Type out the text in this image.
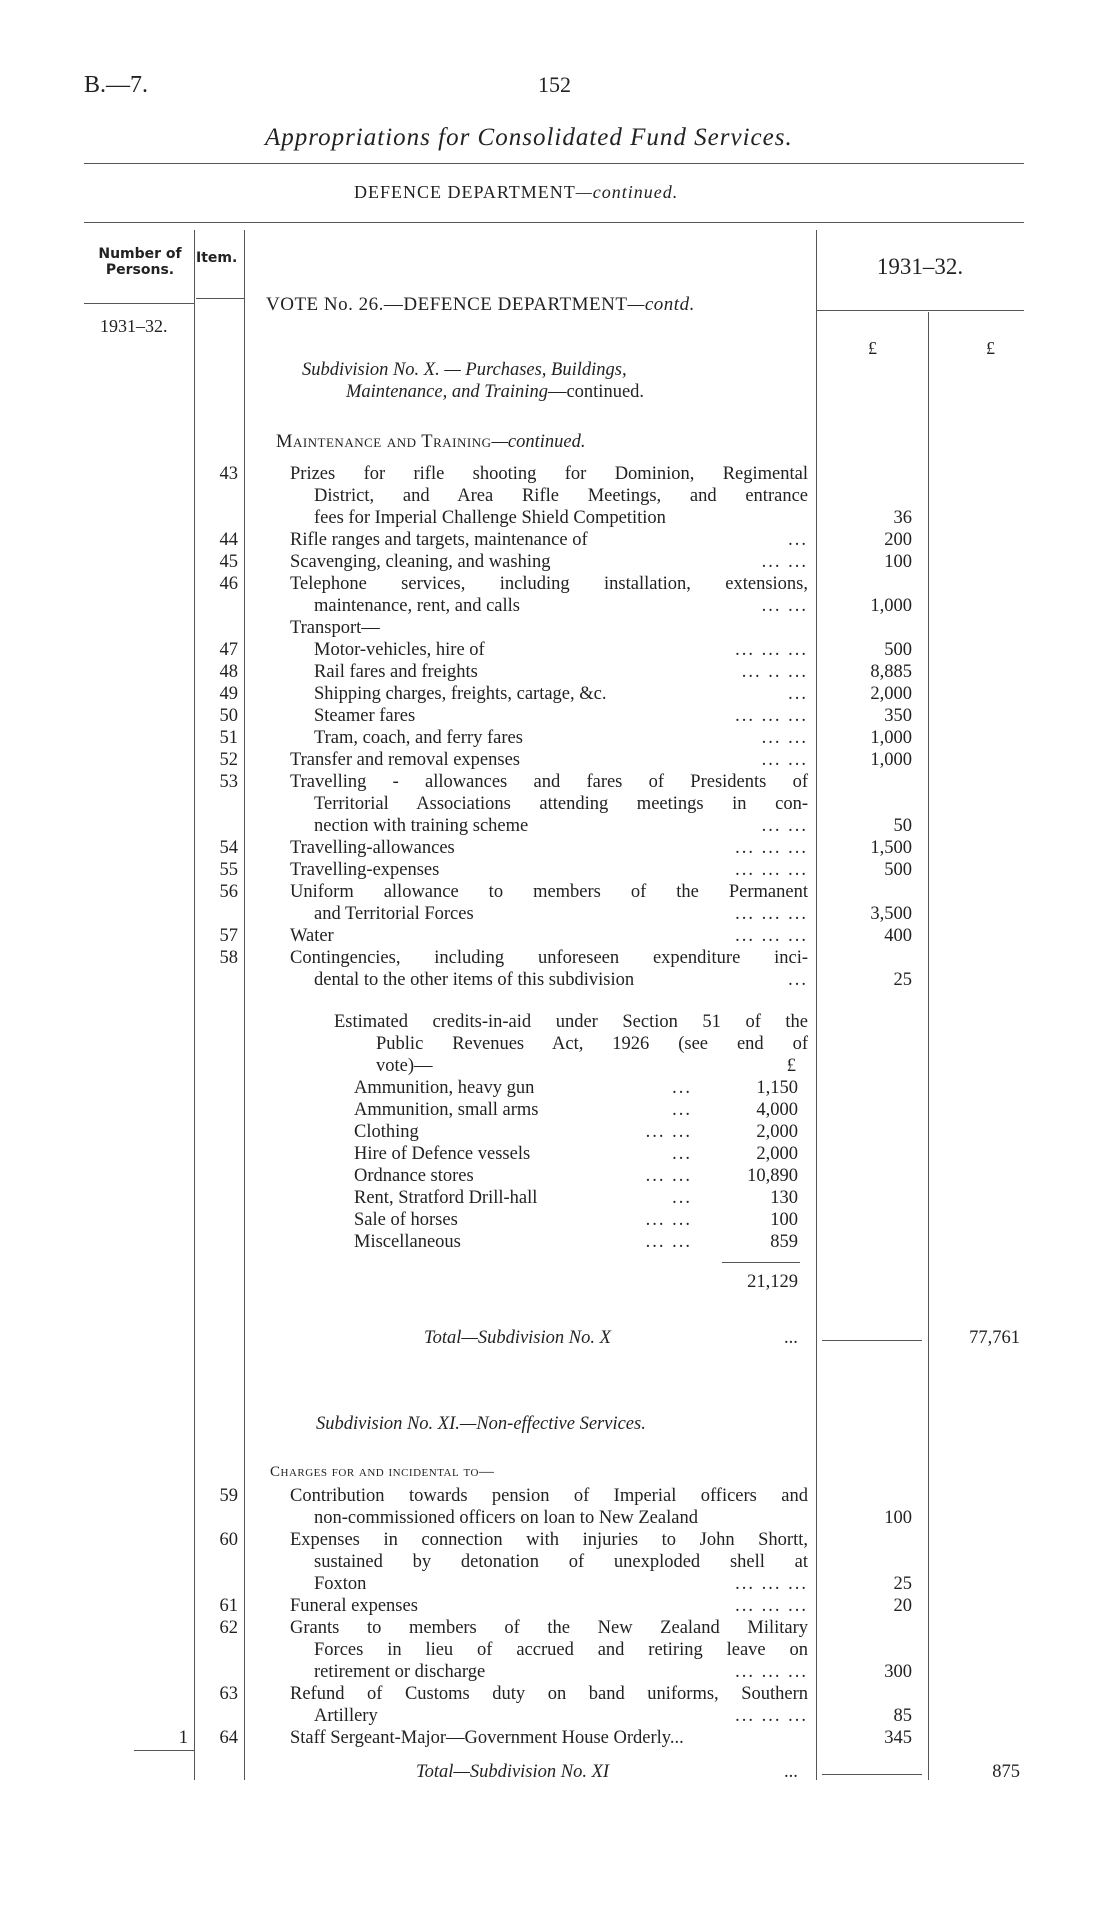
B.—7.	152
Appropriations for Consolidated Fund Services.
DEFENCE DEPARTMENT—continued.
Number of Persons.
Item.	1931–32.
1931–32.
£	£
VOTE No. 26.—DEFENCE DEPARTMENT—contd.
Subdivision No. X. — Purchases, Buildings,
Maintenance, and Training—continued.
Maintenance and Training—continued.
43	Prizes for rifle shooting for Dominion, Regimental
District, and Area Rifle Meetings, and entrance
fees for Imperial Challenge Shield Competition	36
44	Rifle ranges and targets, maintenance of	...	200
45	Scavenging, cleaning, and washing	... ...	100
46	Telephone services, including installation, extensions,
maintenance, rent, and calls	... ...	1,000
Transport—
47	Motor-vehicles, hire of	... ... ...	500
48	Rail fares and freights	... .. ...	8,885
49	Shipping charges, freights, cartage, &c.	...	2,000
50	Steamer fares	... ... ...	350
51	Tram, coach, and ferry fares	... ...	1,000
52	Transfer and removal expenses	... ...	1,000
53	Travelling - allowances and fares of Presidents of
Territorial Associations attending meetings in con-
nection with training scheme	... ...	50
54	Travelling-allowances	... ... ...	1,500
55	Travelling-expenses	... ... ...	500
56	Uniform allowance to members of the Permanent
and Territorial Forces	... ... ...	3,500
57	Water	... ... ...	400
58	Contingencies, including unforeseen expenditure inci-
dental to the other items of this subdivision	...	25
Estimated credits-in-aid under Section 51 of the
Public Revenues Act, 1926 (see end of
vote)—	£
Ammunition, heavy gun	...	1,150
Ammunition, small arms	...	4,000
Clothing	... ...	2,000
Hire of Defence vessels	...	2,000
Ordnance stores	... ...	10,890
Rent, Stratford Drill-hall	...	130
Sale of horses	... ...	100
Miscellaneous	... ...	859
21,129
Total—Subdivision No. X	...	77,761
Subdivision No. XI.—Non-effective Services.
Charges for and incidental to—
59	Contribution towards pension of Imperial officers and
non-commissioned officers on loan to New Zealand	100
60	Expenses in connection with injuries to John Shortt,
sustained by detonation of unexploded shell at
Foxton	... ... ...	25
61	Funeral expenses	... ... ...	20
62	Grants to members of the New Zealand Military
Forces in lieu of accrued and retiring leave on
retirement or discharge	... ... ...	300
63	Refund of Customs duty on band uniforms, Southern
Artillery	... ... ...	85
1	64	Staff Sergeant-Major—Government House Orderly...	345
Total—Subdivision No. XI	...	875
